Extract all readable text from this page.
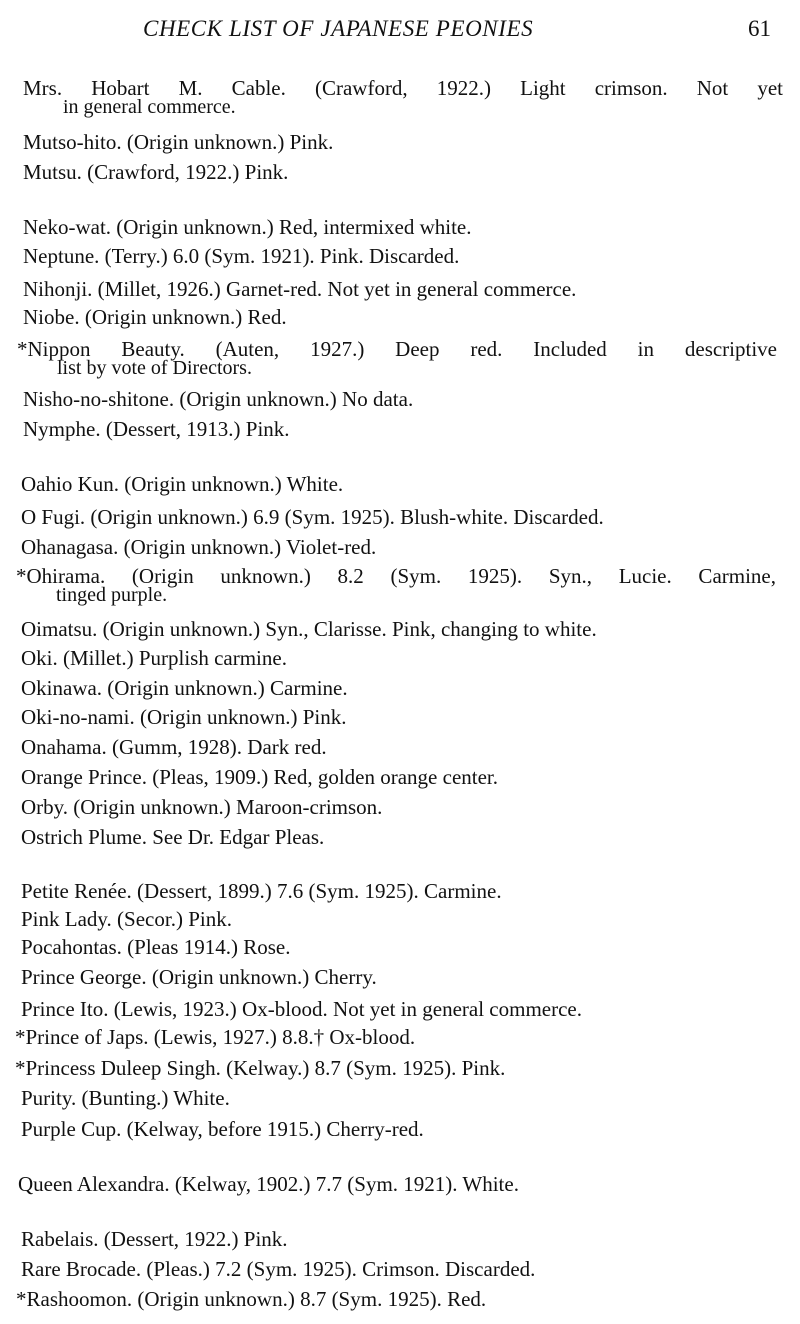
CHECK LIST OF JAPANESE PEONIES	61
Mrs. Hobart M. Cable. (Crawford, 1922.) Light crimson. Not yet
in general commerce.
Mutso-hito. (Origin unknown.) Pink.
Mutsu. (Crawford, 1922.) Pink.
Neko-wat. (Origin unknown.) Red, intermixed white.
Neptune. (Terry.) 6.0 (Sym. 1921). Pink. Discarded.
Nihonji. (Millet, 1926.) Garnet-red. Not yet in general commerce.
Niobe. (Origin unknown.) Red.
*Nippon Beauty. (Auten, 1927.) Deep red. Included in descriptive
list by vote of Directors.
Nisho-no-shitone. (Origin unknown.) No data.
Nymphe. (Dessert, 1913.) Pink.
Oahio Kun. (Origin unknown.) White.
O Fugi. (Origin unknown.) 6.9 (Sym. 1925). Blush-white. Discarded.
Ohanagasa. (Origin unknown.) Violet-red.
*Ohirama. (Origin unknown.) 8.2 (Sym. 1925). Syn., Lucie. Carmine,
tinged purple.
Oimatsu. (Origin unknown.) Syn., Clarisse. Pink, changing to white.
Oki. (Millet.) Purplish carmine.
Okinawa. (Origin unknown.) Carmine.
Oki-no-nami. (Origin unknown.) Pink.
Onahama. (Gumm, 1928). Dark red.
Orange Prince. (Pleas, 1909.) Red, golden orange center.
Orby. (Origin unknown.) Maroon-crimson.
Ostrich Plume. See Dr. Edgar Pleas.
Petite Renée. (Dessert, 1899.) 7.6 (Sym. 1925). Carmine.
Pink Lady. (Secor.) Pink.
Pocahontas. (Pleas 1914.) Rose.
Prince George. (Origin unknown.) Cherry.
Prince Ito. (Lewis, 1923.) Ox-blood. Not yet in general commerce.
*Prince of Japs. (Lewis, 1927.) 8.8.† Ox-blood.
*Princess Duleep Singh. (Kelway.) 8.7 (Sym. 1925). Pink.
Purity. (Bunting.) White.
Purple Cup. (Kelway, before 1915.) Cherry-red.
Queen Alexandra. (Kelway, 1902.) 7.7 (Sym. 1921). White.
Rabelais. (Dessert, 1922.) Pink.
Rare Brocade. (Pleas.) 7.2 (Sym. 1925). Crimson. Discarded.
*Rashoomon. (Origin unknown.) 8.7 (Sym. 1925). Red.
